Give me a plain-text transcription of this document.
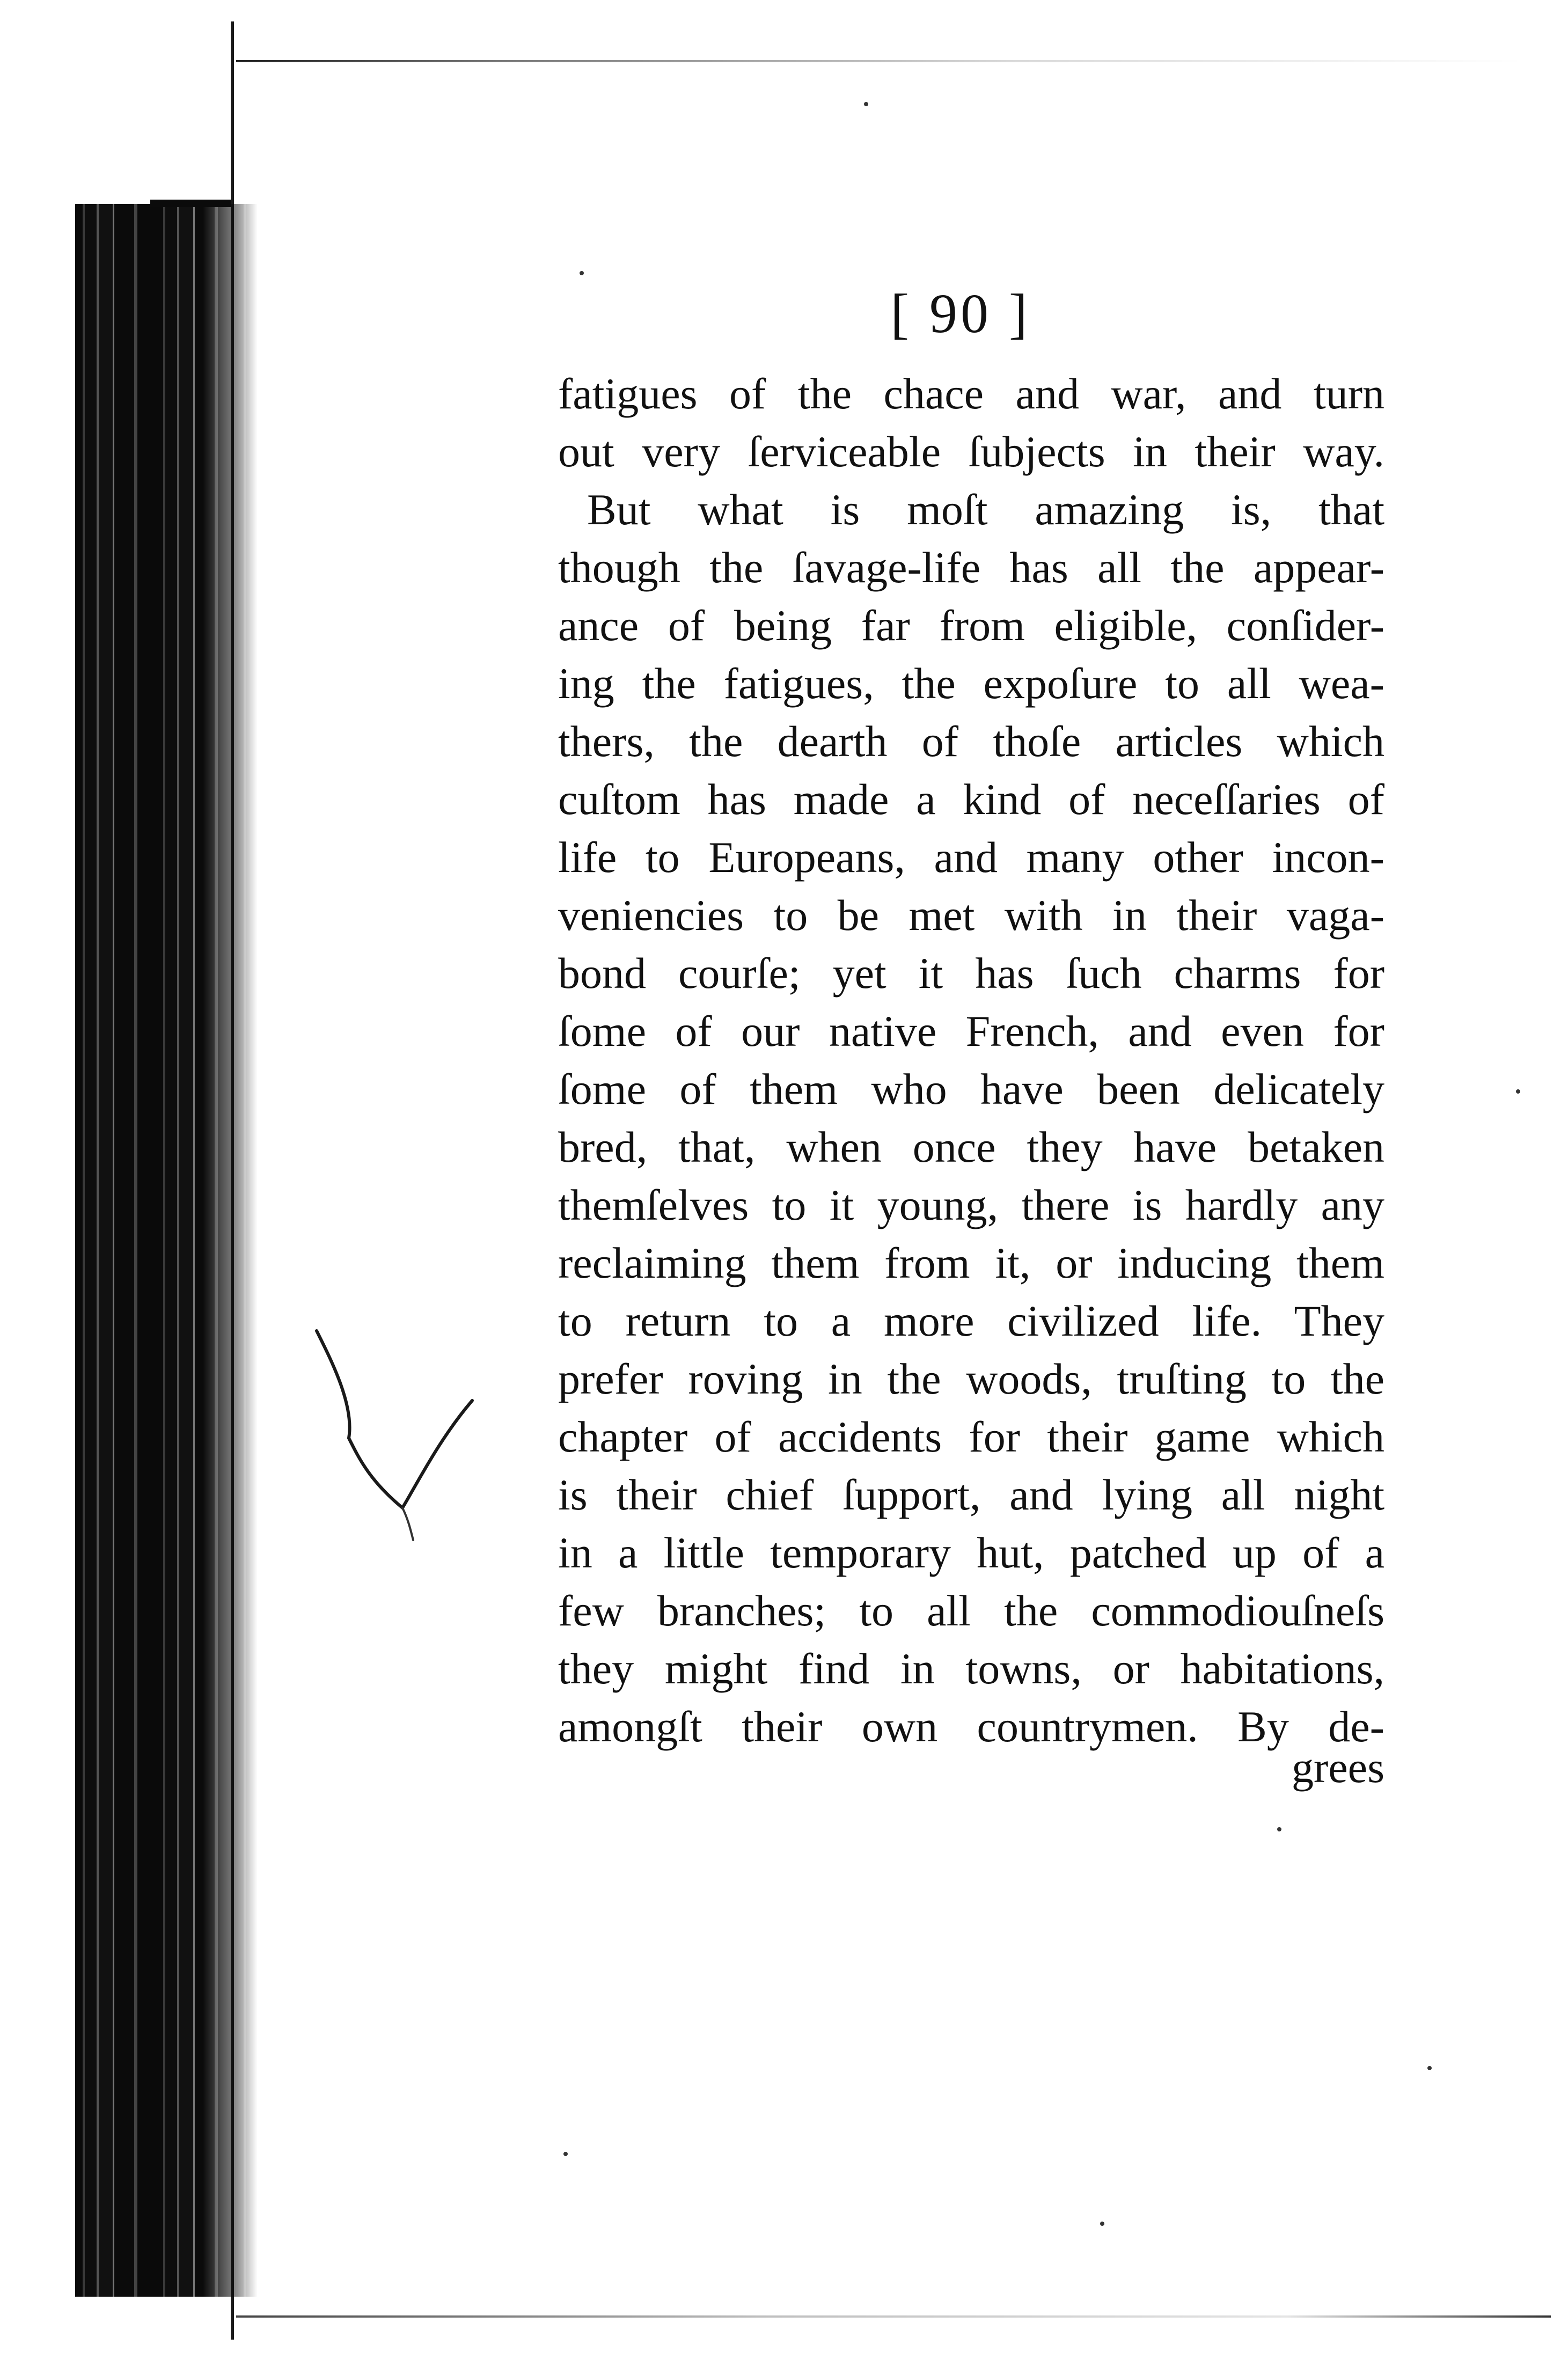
[ 90 ]
fatigues of the chace and war, and turn
out very ſerviceable ſubjects in their way.
But what is moſt amazing is, that
though the ſavage-life has all the appear-
ance of being far from eligible, conſider-
ing the fatigues, the expoſure to all wea-
thers, the dearth of thoſe articles which
cuſtom has made a kind of neceſſaries of
life to Europeans, and many other incon-
veniencies to be met with in their vaga-
bond courſe; yet it has ſuch charms for
ſome of our native French, and even for
ſome of them who have been delicately
bred, that, when once they have betaken
themſelves to it young, there is hardly any
reclaiming them from it, or inducing them
to return to a more civilized life. They
prefer roving in the woods, truſting to the
chapter of accidents for their game which
is their chief ſupport, and lying all night
in a little temporary hut, patched up of a
few branches; to all the commodiouſneſs
they might find in towns, or habitations,
amongſt their own countrymen. By de-
grees
